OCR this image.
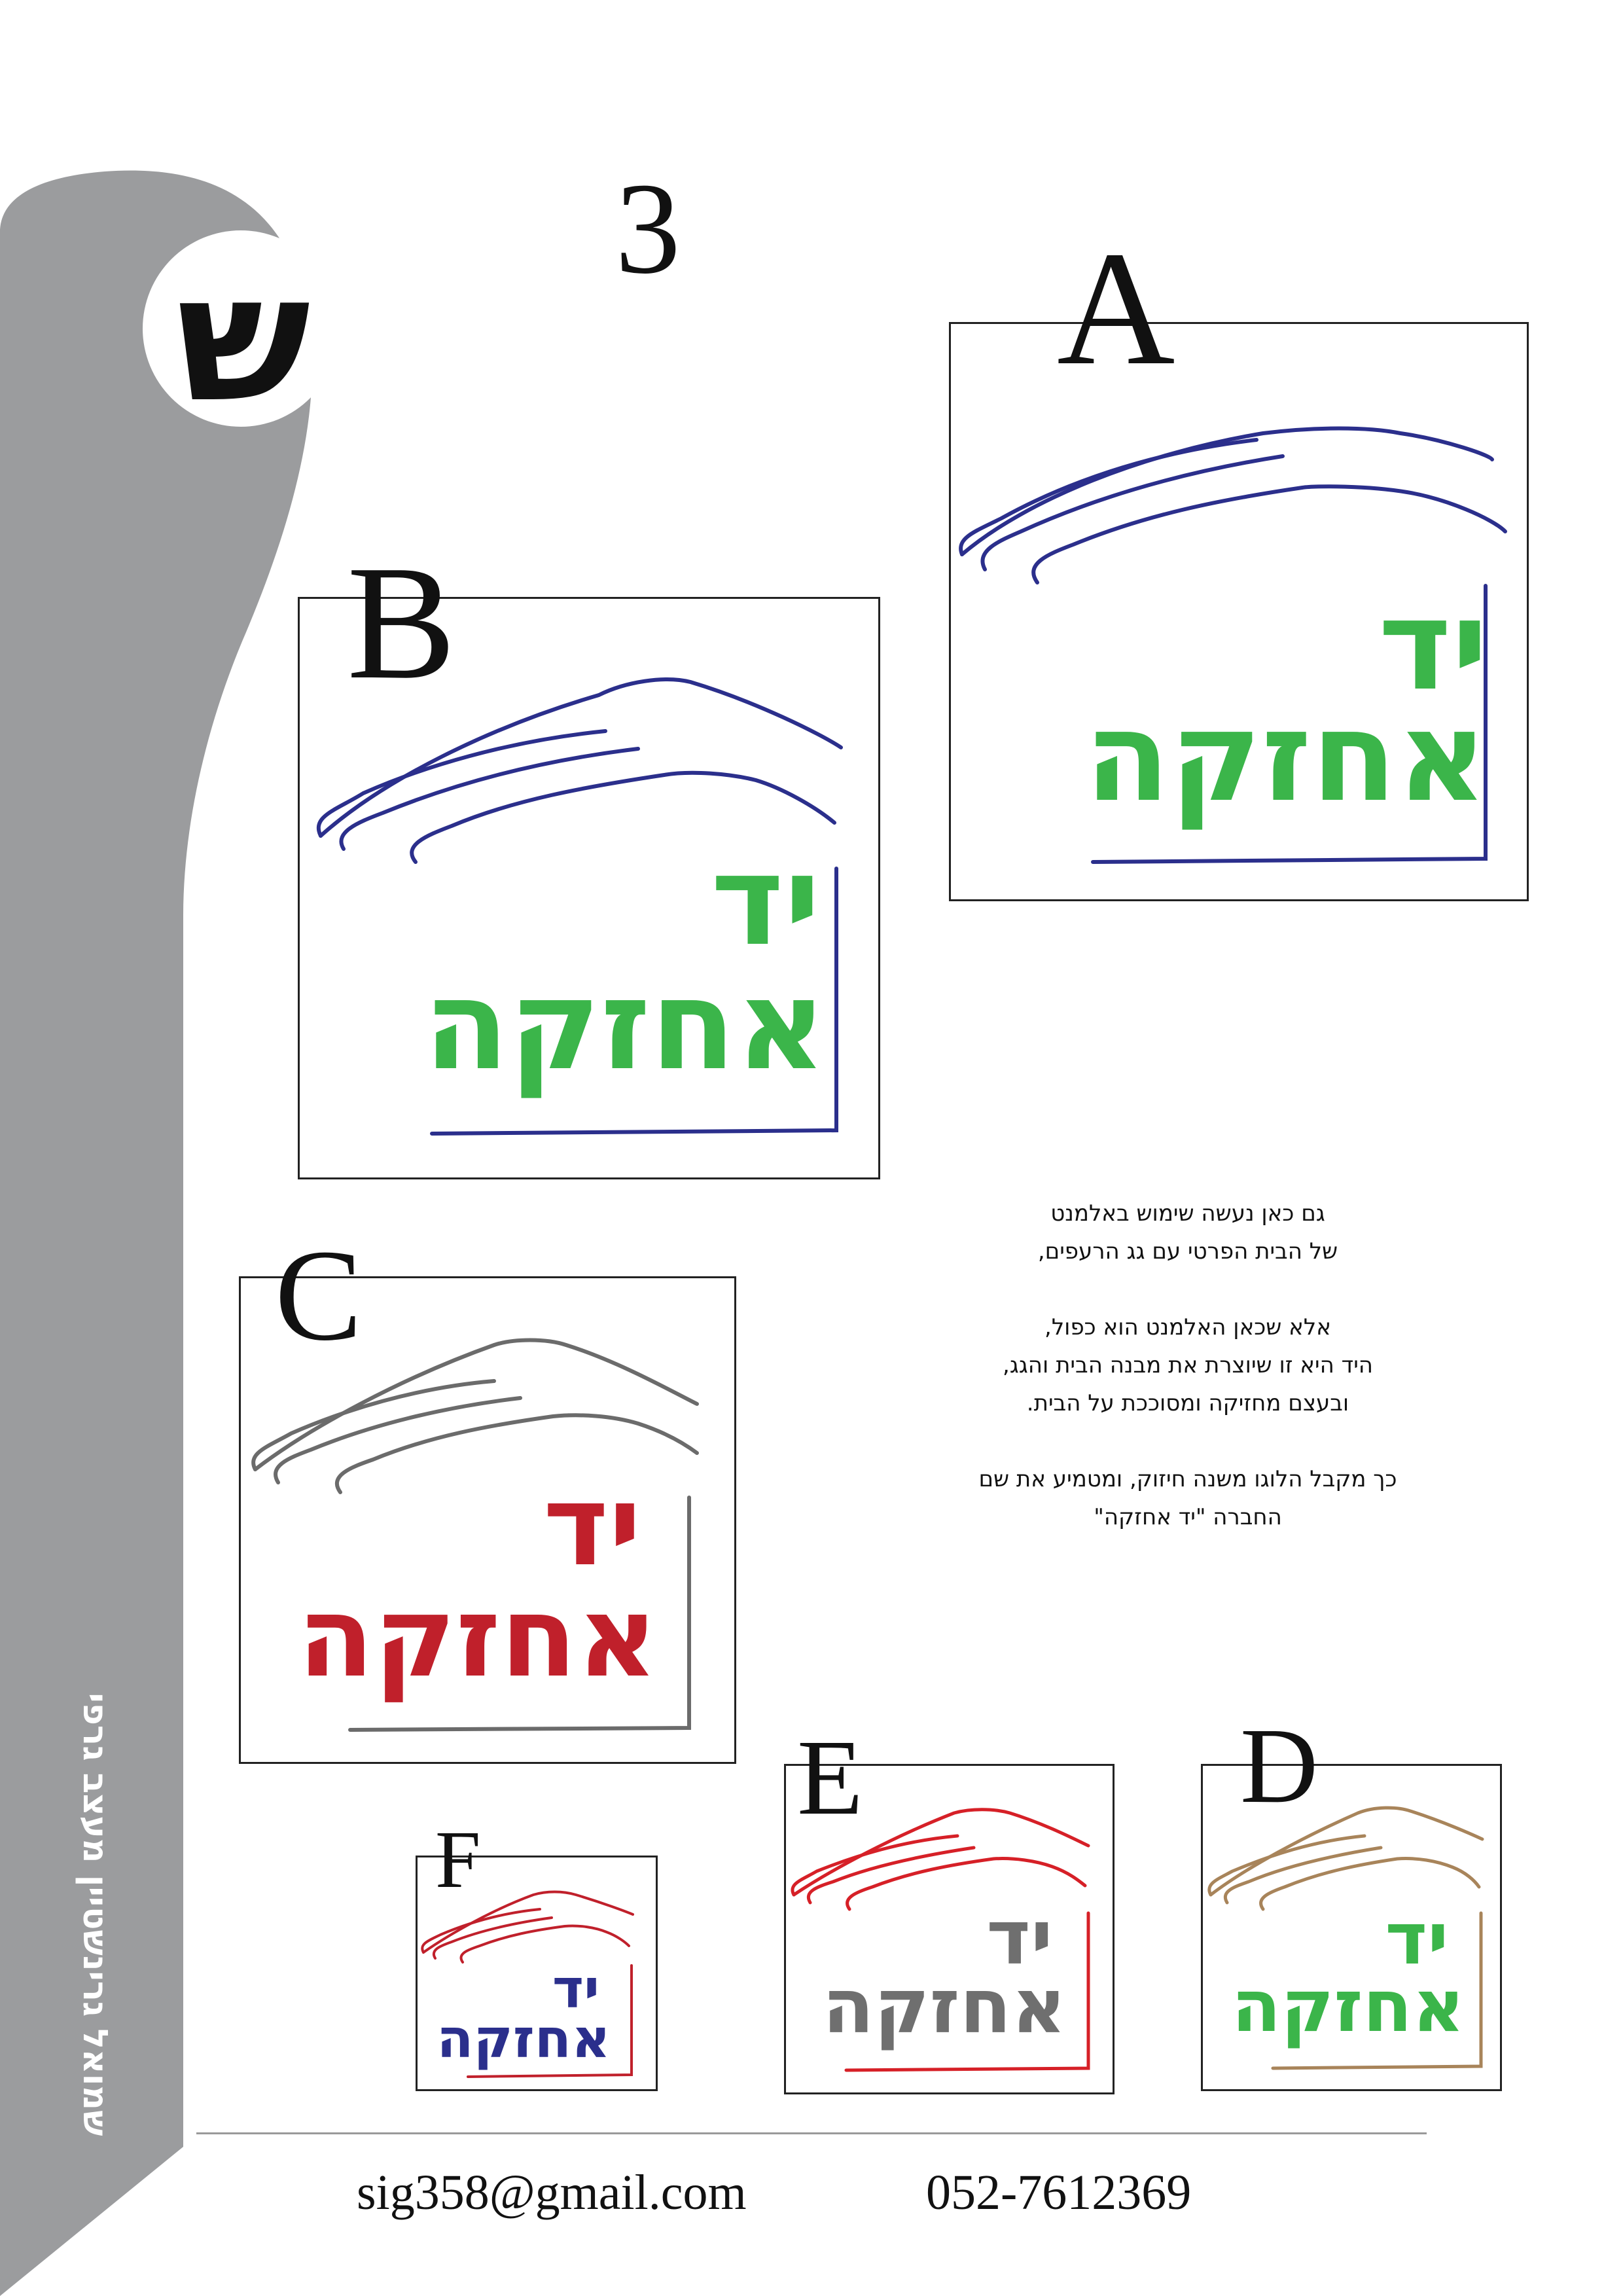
ש
3
שמואל גרינשטיין מעצב גרפי
יד
אחזקה
A
יד
אחזקה
B
יד
אחזקה
C
יד
אחזקה
E
יד
אחזקה
D
יד
אחזקה
F

גם כאן נעשה שימוש באלמנט
של הבית הפרטי עם גג הרעפים,

אלא שכאן האלמנט הוא כפול,
היד היא זו שיוצרת את מבנה הבית והגג,
ובעצם מחזיקה ומסוככת על הבית.

כך מקבל הלוגו משנה חיזוק, ומטמיע את שם
החברה "יד אחזקה"

sig358@gmail.com	052-7612369
